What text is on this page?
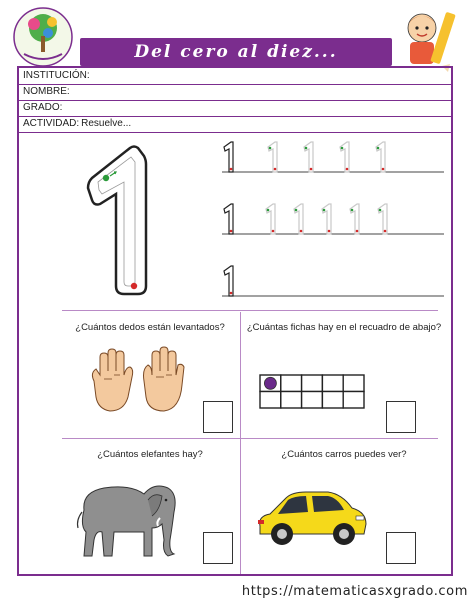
Del cero al diez...
INSTITUCIÓN:
NOMBRE:
GRADO:
ACTIVIDAD: Resuelve...
¿Cuántos dedos están levantados?	¿Cuántas fichas hay en el recuadro de abajo?
¿Cuántos elefantes hay?	¿Cuántos carros puedes ver?
https://matematicasxgrado.com
